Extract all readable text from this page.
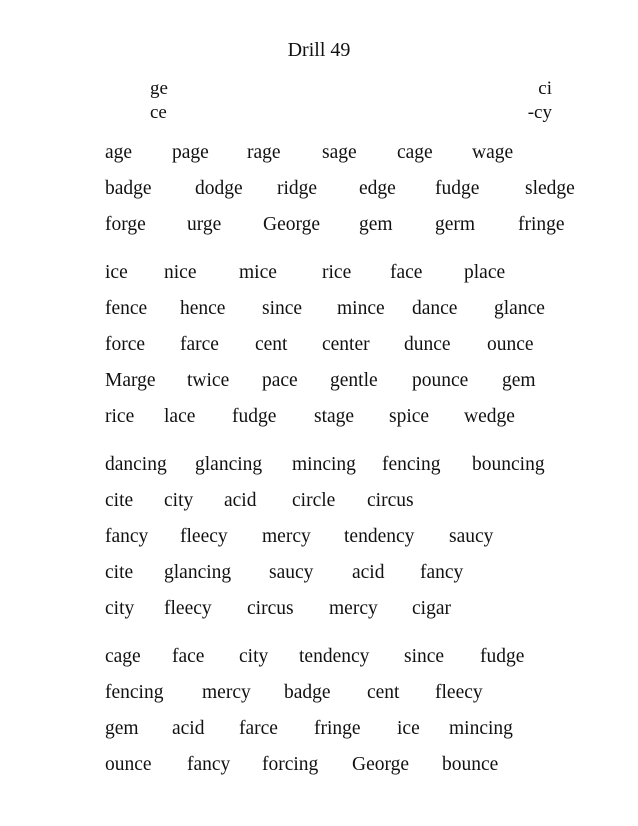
Drill 49
ge
ce
ci
-cy
age page rage sage cage wage
badge dodge ridge edge fudge sledge
forge urge George gem germ fringe
ice nice mice rice face place
fence hence since mince dance glance
force farce cent center dunce ounce
Marge twice pace gentle pounce gem
rice lace fudge stage spice wedge
dancing glancing mincing fencing bouncing
cite city acid circle circus
fancy fleecy mercy tendency saucy
cite glancing saucy acid fancy
city fleecy circus mercy cigar
cage face city tendency since fudge
fencing mercy badge cent fleecy
gem acid farce fringe ice mincing
ounce fancy forcing George bounce
